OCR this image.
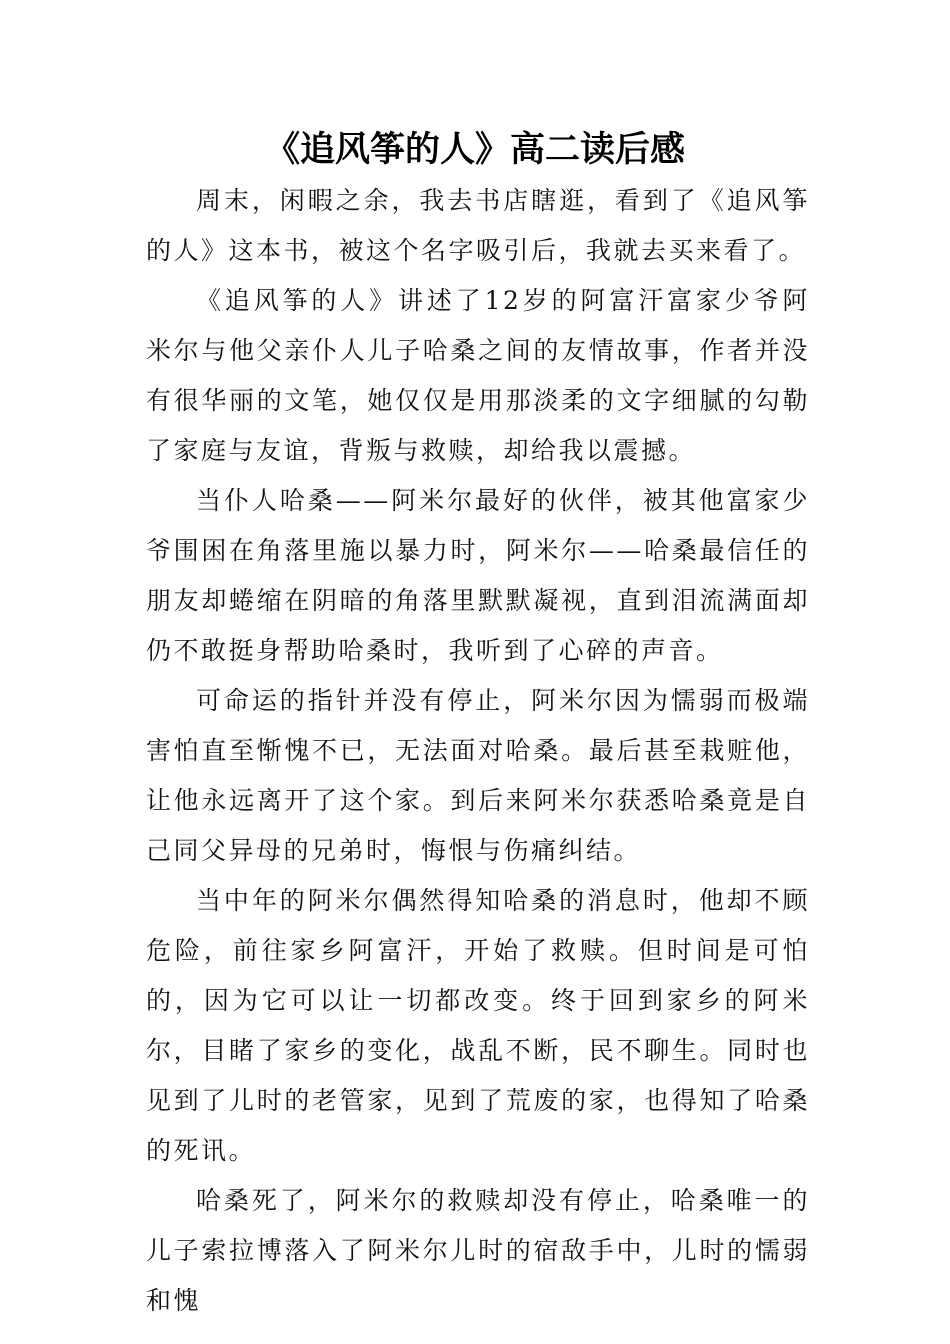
《追风筝的人》高二读后感

周末，闲暇之余，我去书店瞎逛，看到了《追风筝的人》这本书，被这个名字吸引后，我就去买来看了。

《追风筝的人》讲述了12岁的阿富汗富家少爷阿米尔与他父亲仆人儿子哈桑之间的友情故事，作者并没有很华丽的文笔，她仅仅是用那淡柔的文字细腻的勾勒了家庭与友谊，背叛与救赎，却给我以震撼。

当仆人哈桑——阿米尔最好的伙伴，被其他富家少爷围困在角落里施以暴力时，阿米尔——哈桑最信任的朋友却蜷缩在阴暗的角落里默默凝视，直到泪流满面却仍不敢挺身帮助哈桑时，我听到了心碎的声音。

可命运的指针并没有停止，阿米尔因为懦弱而极端害怕直至惭愧不已，无法面对哈桑。最后甚至栽赃他，让他永远离开了这个家。到后来阿米尔获悉哈桑竟是自己同父异母的兄弟时，悔恨与伤痛纠结。

当中年的阿米尔偶然得知哈桑的消息时，他却不顾危险，前往家乡阿富汗，开始了救赎。但时间是可怕的，因为它可以让一切都改变。终于回到家乡的阿米尔，目睹了家乡的变化，战乱不断，民不聊生。同时也见到了儿时的老管家，见到了荒废的家，也得知了哈桑的死讯。

哈桑死了，阿米尔的救赎却没有停止，哈桑唯一的儿子索拉博落入了阿米尔儿时的宿敌手中，儿时的懦弱和愧
